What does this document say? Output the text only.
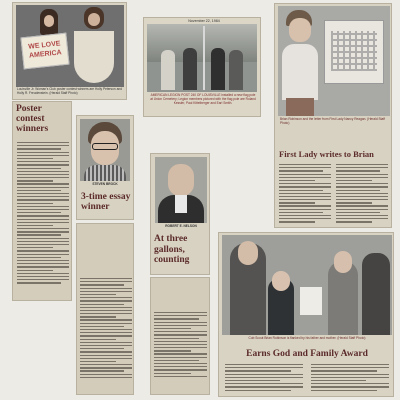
WE LOVE AMERICA
Louisville Jr. Woman's Club poster contest winners are Holly Peterson and Holly R. Freudenstein. (Herald Staff Photo)
Poster contest winners
STEVEN BROCK
3-time essay winner
November 22, 1984
AMERICAN LEGION POST 240 OF LOUISVILLE installed a new flag pole at Union Cemetery; Legion members pictured with the flag pole are Roland Kessler, Paul Kittelberger and Earl Smith.
ROBERT E. NELSON
At three gallons, counting
Brian Robinson and the letter from First Lady Nancy Reagan. (Herald Staff Photo)
First Lady writes to Brian
Cub Scout Brian Robinson is flanked by his father and mother. (Herald Staff Photo)
Earns God and Family Award
